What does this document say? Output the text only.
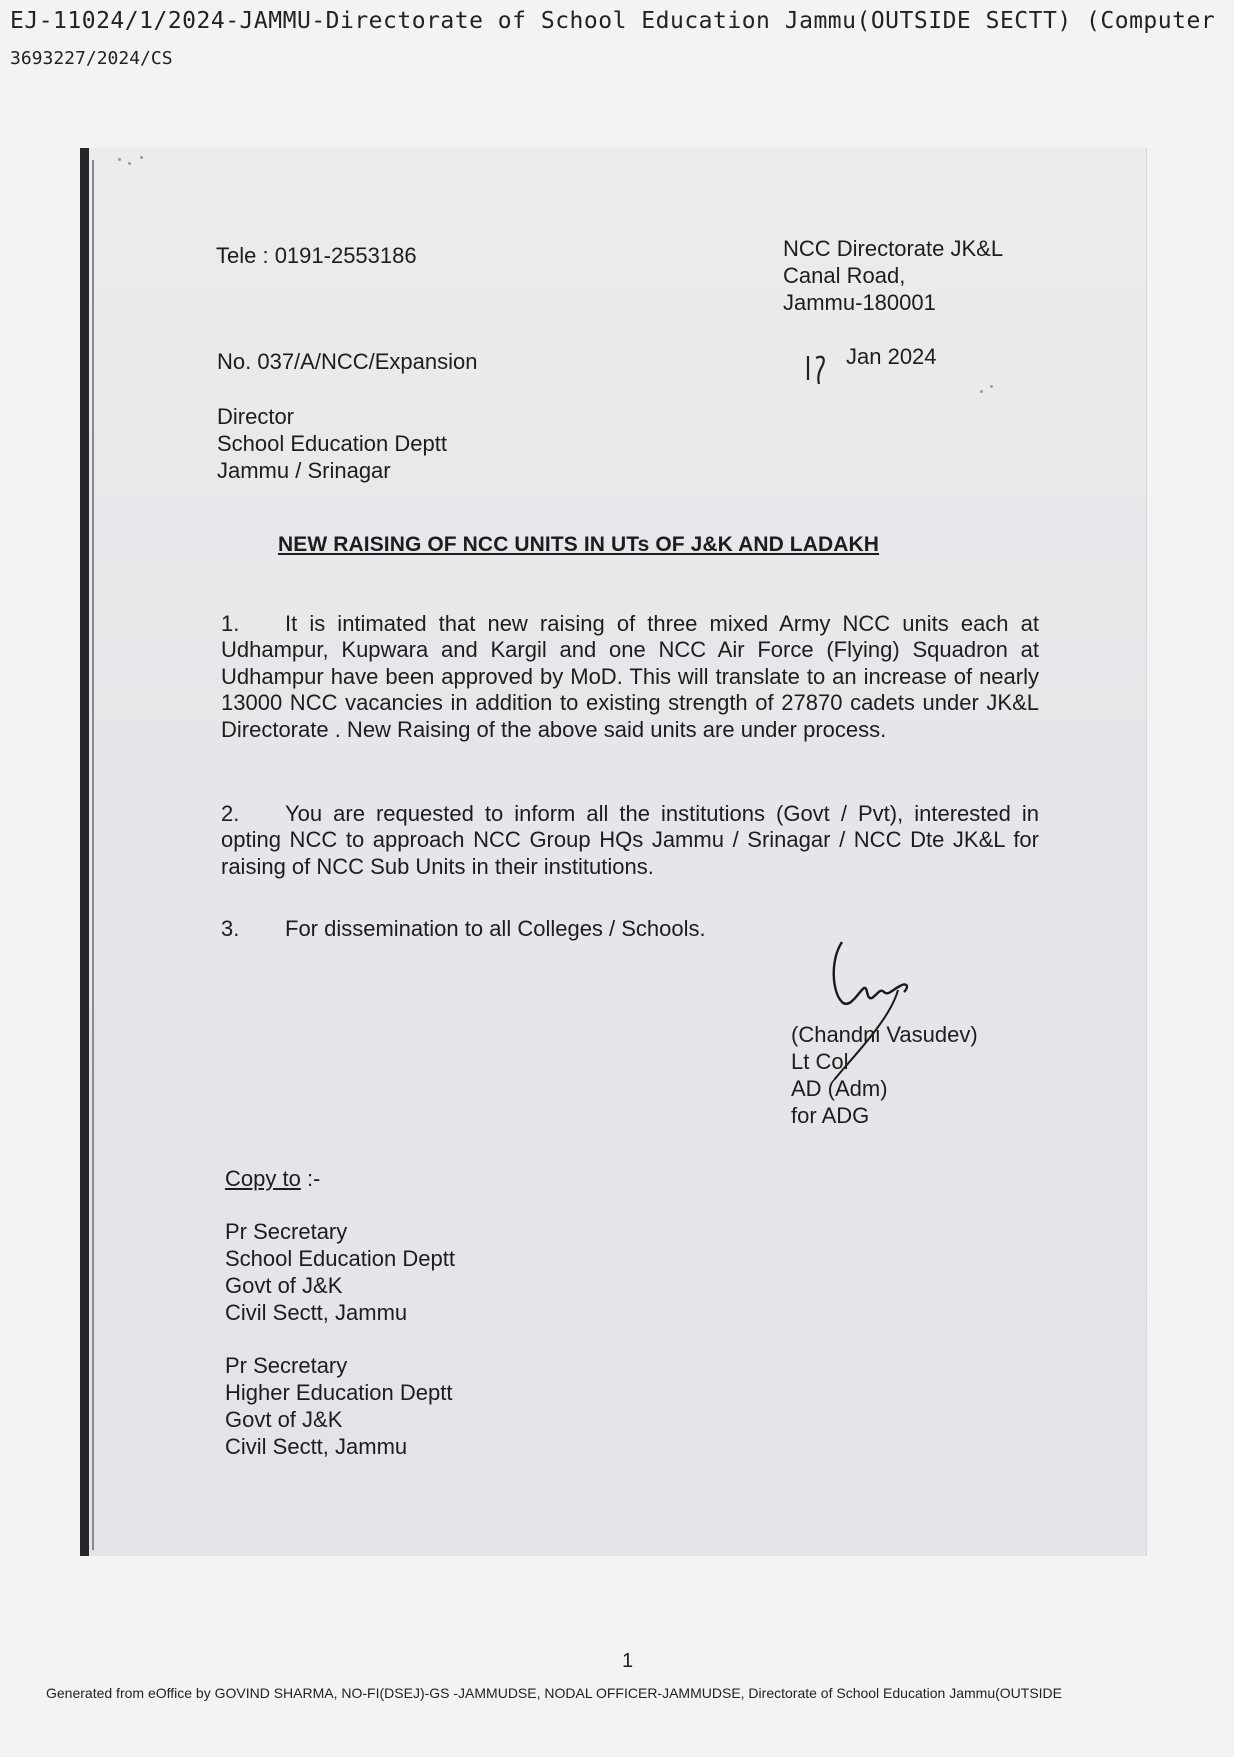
EJ-11024/1/2024-JAMMU-Directorate of School Education Jammu(OUTSIDE SECTT) (Computer
3693227/2024/CS
Tele : 0191-2553186	NCC Directorate JK&L
Canal Road,
Jammu-180001
No. 037/A/NCC/Expansion	Jan 2024
Director
School Education Deptt
Jammu / Srinagar
NEW RAISING OF NCC UNITS IN UTs OF J&K AND LADAKH
1.	It is intimated that new raising of three mixed Army NCC units each at Udhampur, Kupwara and Kargil and one NCC Air Force (Flying) Squadron at Udhampur have been approved by MoD. This will translate to an increase of nearly 13000 NCC vacancies in addition to existing strength of 27870 cadets under JK&L Directorate . New Raising of the above said units are under process.
2.	You are requested to inform all the institutions (Govt / Pvt), interested in opting NCC to approach NCC Group HQs Jammu / Srinagar / NCC Dte JK&L for raising of NCC Sub Units in their institutions.
3.	For dissemination to all Colleges / Schools.
(Chandni Vasudev)
Lt Col
AD (Adm)
for ADG
Copy to :-
Pr Secretary
School Education Deptt
Govt of J&K
Civil Sectt, Jammu
Pr Secretary
Higher Education Deptt
Govt of J&K
Civil Sectt, Jammu
1
Generated from eOffice by GOVIND SHARMA, NO-FI(DSEJ)-GS -JAMMUDSE, NODAL OFFICER-JAMMUDSE, Directorate of School Education Jammu(OUTSIDE
